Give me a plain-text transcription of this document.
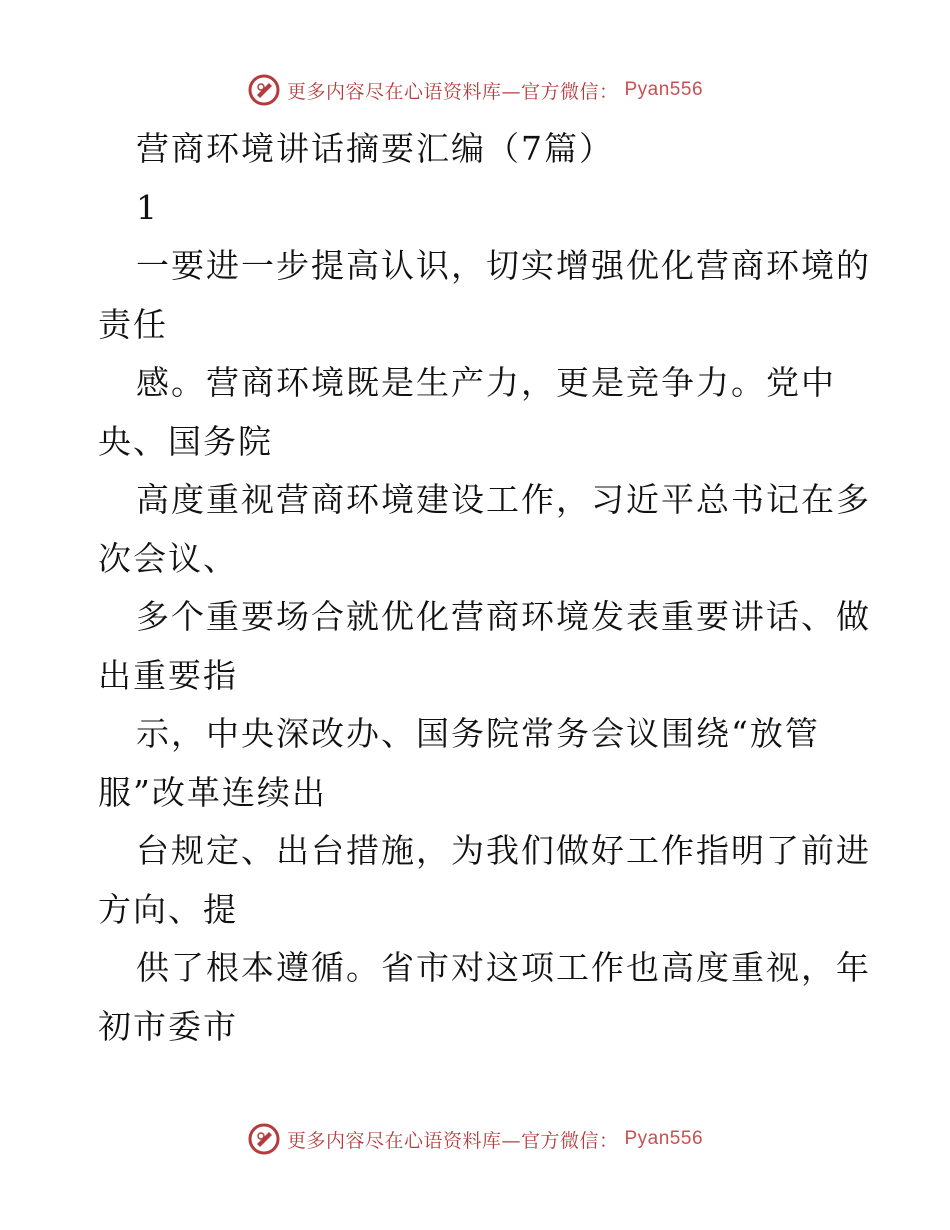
更多内容尽在心语资料库—官方微信： Pyan556
营商环境讲话摘要汇编（7篇）
1
一要进一步提高认识，切实增强优化营商环境的
责任
感。营商环境既是生产力，更是竞争力。党中
央、国务院
高度重视营商环境建设工作，习近平总书记在多
次会议、
多个重要场合就优化营商环境发表重要讲话、做
出重要指
示，中央深改办、国务院常务会议围绕“放管
服”改革连续出
台规定、出台措施，为我们做好工作指明了前进
方向、提
供了根本遵循。省市对这项工作也高度重视，年
初市委市
更多内容尽在心语资料库—官方微信： Pyan556
